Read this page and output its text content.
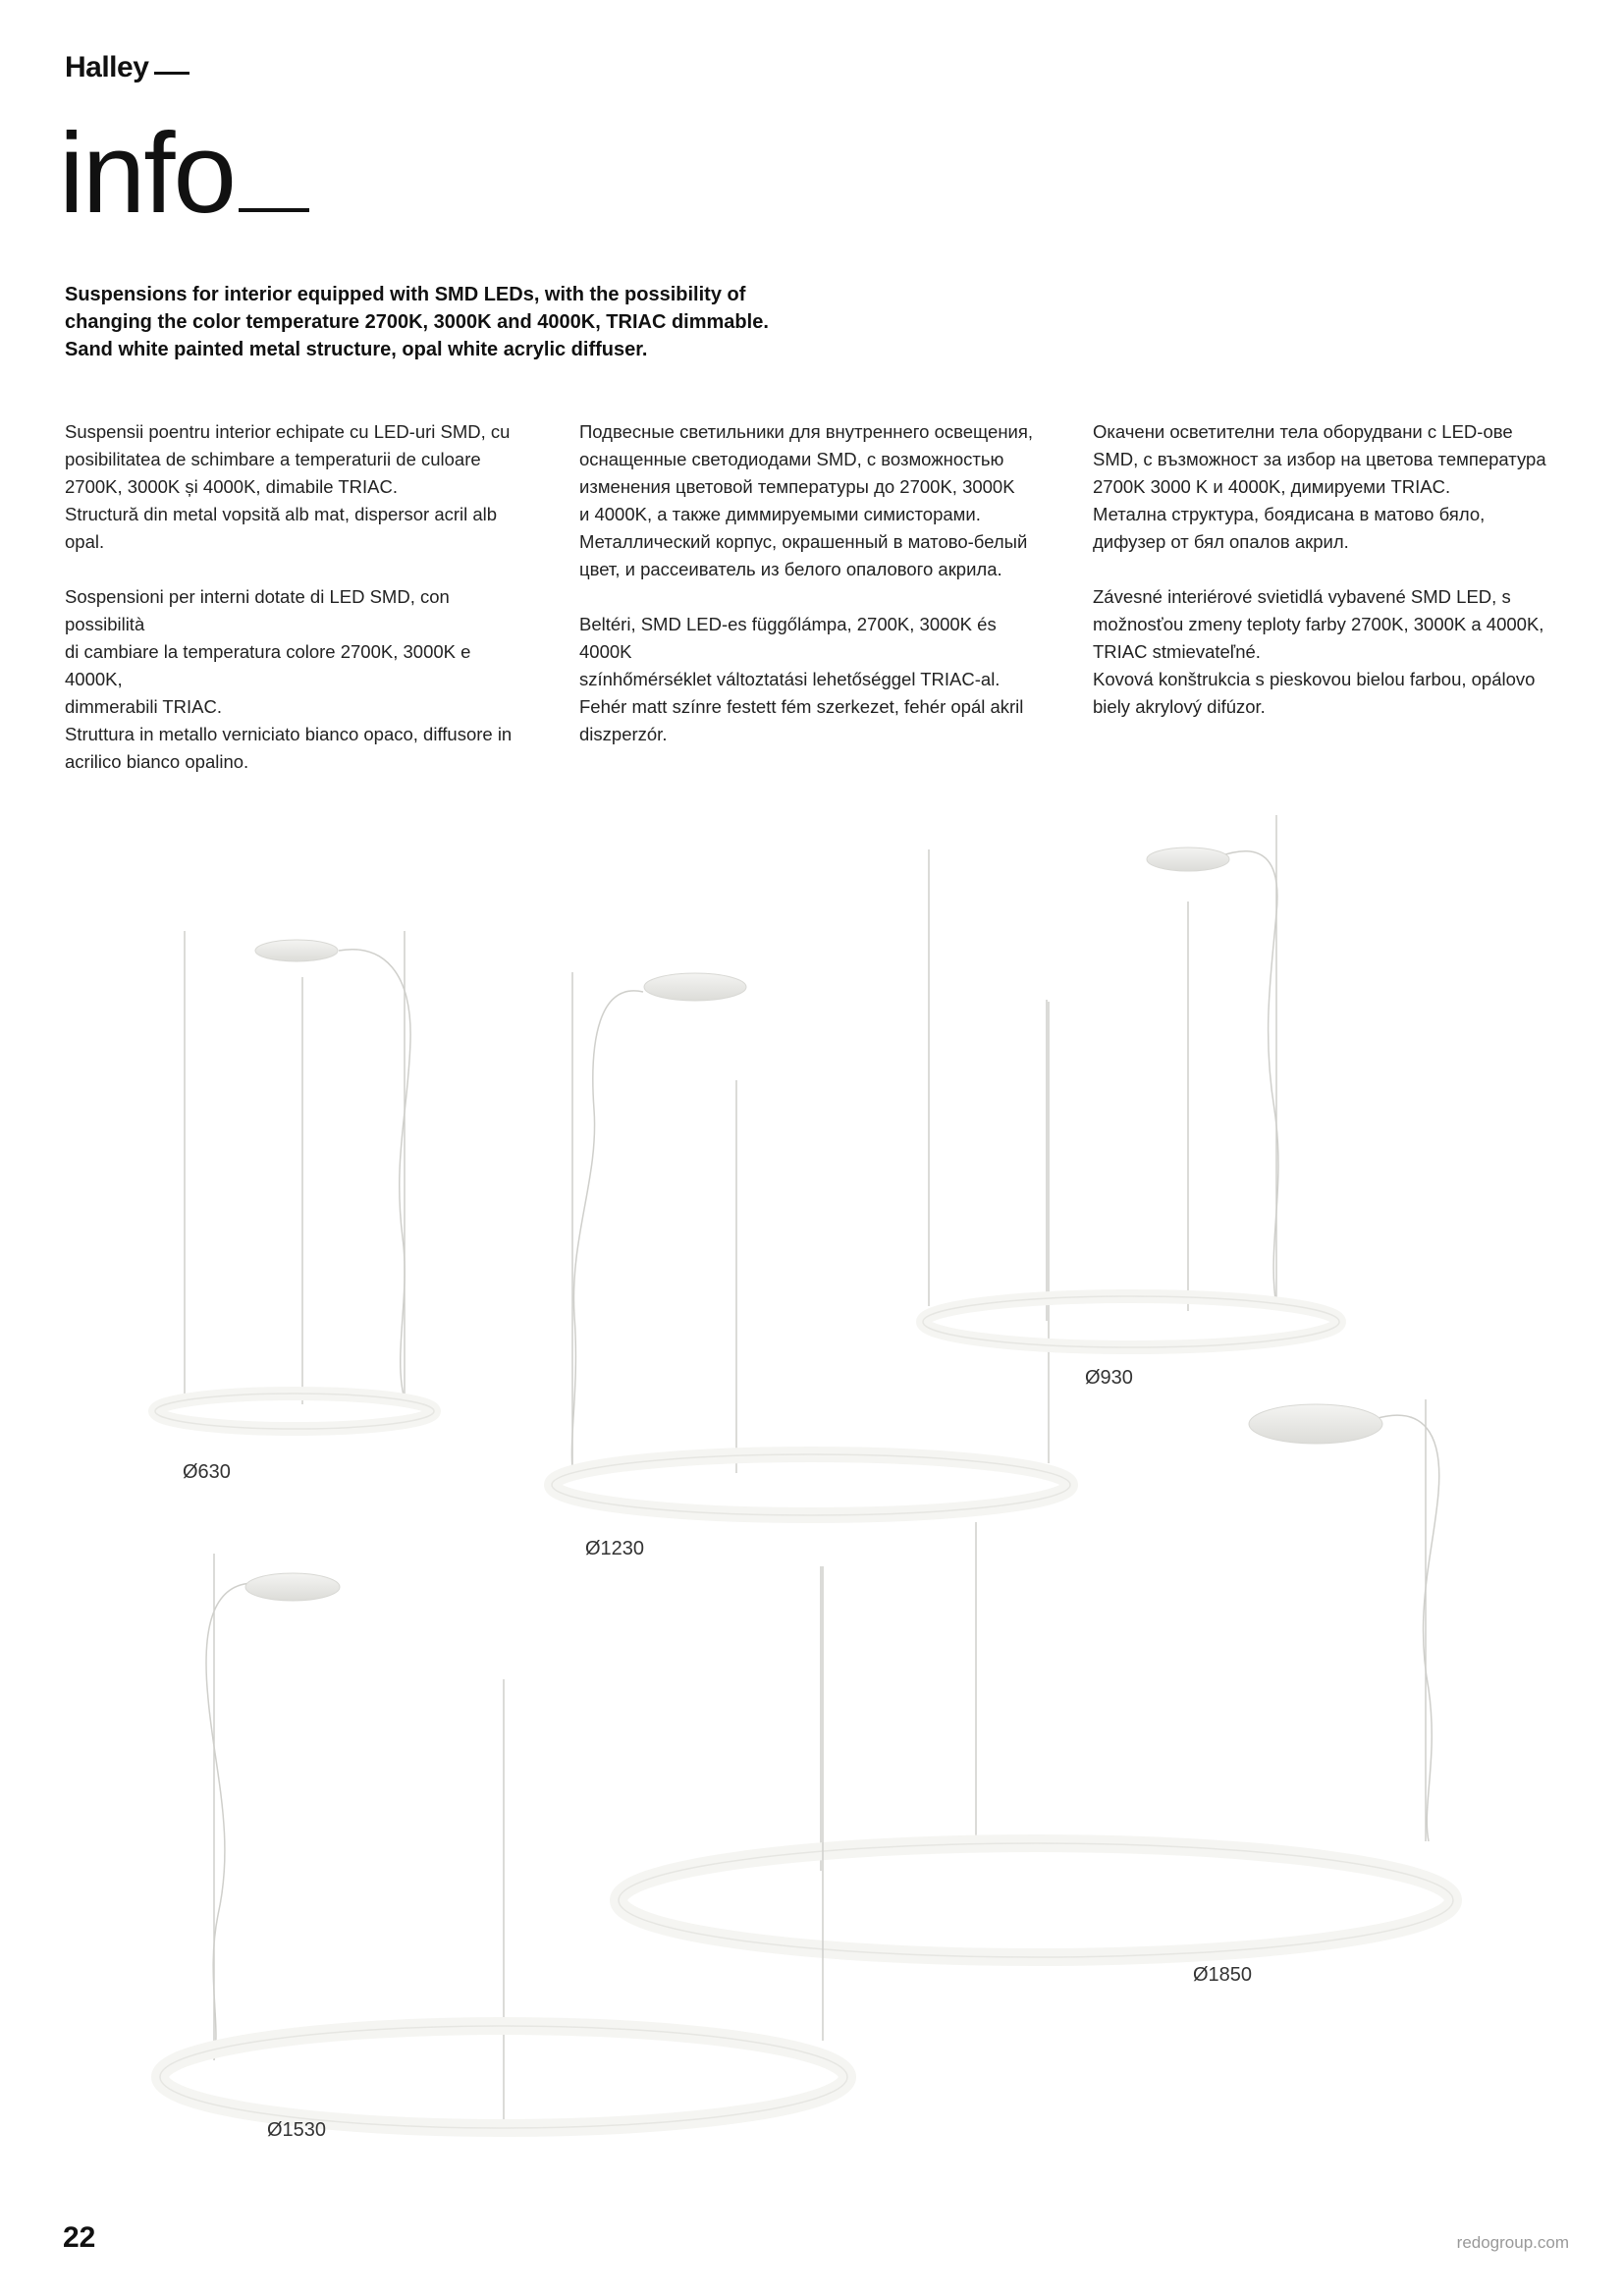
Halley
info
Suspensions for interior equipped with SMD LEDs, with the possibility of
changing the color temperature 2700K, 3000K and 4000K, TRIAC dimmable.
Sand white painted metal structure, opal white acrylic diffuser.

Suspensii poentru interior echipate cu LED-uri SMD, cu
posibilitatea de schimbare a temperaturii de culoare
2700K, 3000K și 4000K, dimabile TRIAC.
Structură din metal vopsită alb mat, dispersor acril alb
opal.

Sospensioni per interni dotate di LED SMD, con possibilità
di cambiare la temperatura colore 2700K, 3000K e 4000K,
dimmerabili TRIAC.
Struttura in metallo verniciato bianco opaco, diffusore in
acrilico bianco opalino.

Подвесные светильники для внутреннего освещения,
оснащенные светодиодами SMD, с возможностью
изменения цветовой температуры до 2700K, 3000K
и 4000K, а также диммируемыми симисторами.
Металлический корпус, окрашенный в матово-белый
цвет, и рассеиватель из белого опалового акрила.

Beltéri, SMD LED-es függőlámpa, 2700K, 3000K és 4000K
színhőmérséklet változtatási lehetőséggel TRIAC-al.
Fehér matt színre festett fém szerkezet, fehér opál akril
diszperzór.

Окачени осветителни тела оборудвани с LED-ове
SMD, с възможност за избор на цветова температура
2700K 3000 K и 4000K, димируеми TRIAC.
Метална структура, боядисана в матово бяло,
дифузер от бял опалов акрил.

Závesné interiérové svietidlá vybavené SMD LED, s
možnosťou zmeny teploty farby 2700K, 3000K a 4000K,
TRIAC stmievateľné.
Kovová konštrukcia s pieskovou bielou farbou, opálovo
biely akrylový difúzor.

Ø630
Ø930
Ø1230
Ø1530
Ø1850
22	redogroup.com
